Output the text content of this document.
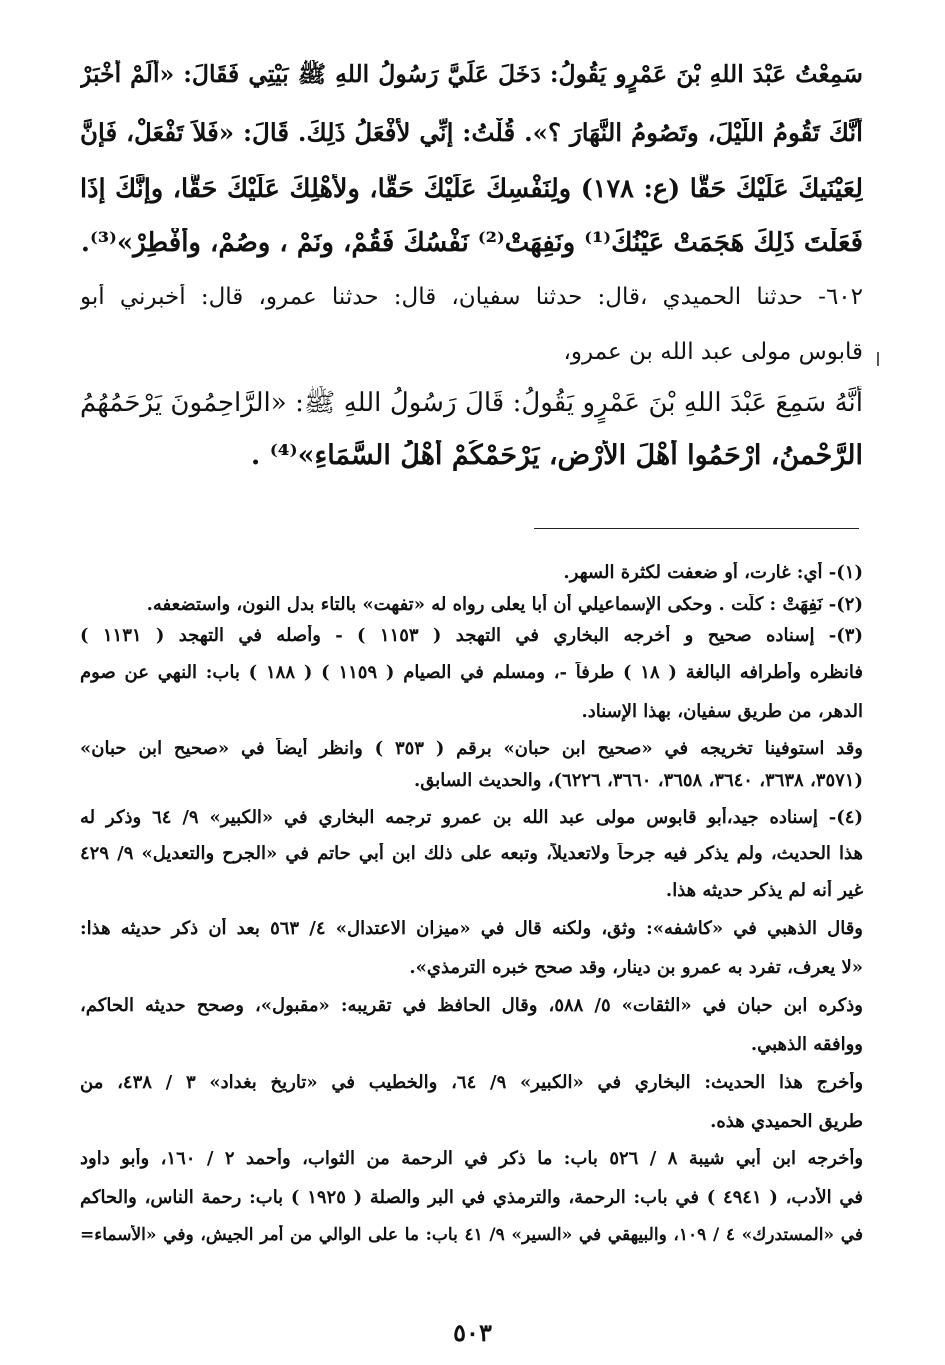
سَمِعْتُ عَبْدَ اللهِ بْنَ عَمْرٍو يَقُولُ: دَخَلَ عَلَيَّ رَسُولُ اللهِ ﷺ بَيْتِي فَقَالَ: «أَلَمْ أُخْبَرْ
أَنَّكَ تَقُومُ اللَّيْلَ، وتَصُومُ النَّهَارَ ؟». قُلْتُ: إِنِّي لأَفْعَلُ ذَلِكَ. قَالَ: «فَلاَ تَفْعَلْ، فَإِنَّ
لِعَيْنَيكَ عَلَيْكَ حَقًّا (ع: ١٧٨) ولِنَفْسِكَ عَلَيْكَ حَقًّا، ولأَهْلِكَ عَلَيْكَ حَقًّا، وإِنَّكَ إِذَا
فَعَلْتَ ذَلِكَ هَجَمَتْ عَيْنُكَ⁽¹⁾ ونَفِهَتْ⁽²⁾ نَفْسُكَ فَقُمْ، ونَمْ ، وصُمْ، وأَفْطِرْ»⁽³⁾.
٦٠٢- حدثنا الحميدي ،قال: حدثنا سفيان، قال: حدثنا عمرو، قال: أخبرني أبو
قابوس مولى عبد الله بن عمرو،
أَنَّهُ سَمِعَ عَبْدَ اللهِ بْنَ عَمْرٍو يَقُولُ: قَالَ رَسُولُ اللهِ ﷺ: «الرَّاحِمُونَ يَرْحَمُهُمُ
الرَّحْمنُ، ارْحَمُوا أَهْلَ الأَرْضِ، يَرْحَمْكُمْ أَهْلُ السَّمَاءِ»⁽⁴⁾ .
(١)- أي: غارت، أو ضعفت لكثرة السهر.
(٢)- نَفِهَتْ : كلَّت . وحكى الإسماعيلي أن أبا يعلى رواه له «تفهت» بالتاء بدل النون، واستضعفه.
(٣)- إسناده صحيح و أخرجه البخاري في التهجد ( ١١٥٣ ) - وأصله في التهجد ( ١١٣١ )
فانظره وأطرافه البالغة ( ١٨ ) طرفاً -، ومسلم في الصيام ( ١١٥٩ ) ( ١٨٨ ) باب: النهي عن صوم
الدهر، من طريق سفيان، بهذا الإسناد.
وقد استوفينا تخريجه في «صحيح ابن حبان» برقم ( ٣٥٣ ) وانظر أيضاً في «صحيح ابن حبان»
(٣٥٧١، ٣٦٣٨، ٣٦٤٠، ٣٦٥٨، ٣٦٦٠، ٦٢٢٦)، والحديث السابق.
(٤)- إسناده جيد،أبو قابوس مولى عبد الله بن عمرو ترجمه البخاري في «الكبير» ٩/ ٦٤ وذكر له
هذا الحديث، ولم يذكر فيه جرحاً ولاتعديلاً، وتبعه على ذلك ابن أبي حاتم في «الجرح والتعديل» ٩/ ٤٢٩
غير أنه لم يذكر حديثه هذا.
وقال الذهبي في «كاشفه»: وثق، ولكنه قال في «ميزان الاعتدال» ٤/ ٥٦٣ بعد أن ذكر حديثه هذا:
«لا يعرف، تفرد به عمرو بن دينار، وقد صحح خبره الترمذي».
وذكره ابن حبان في «الثقات» ٥/ ٥٨٨، وقال الحافظ في تقريبه: «مقبول»، وصحح حديثه الحاكم،
ووافقه الذهبي.
وأخرج هذا الحديث: البخاري في «الكبير» ٩/ ٦٤، والخطيب في «تاريخ بغداد» ٣ / ٤٣٨، من
طريق الحميدي هذه.
وأخرجه ابن أبي شيبة ٨ / ٥٢٦ باب: ما ذكر في الرحمة من الثواب، وأحمد ٢ / ١٦٠، وأبو داود
في الأدب، ( ٤٩٤١ ) في باب: الرحمة، والترمذي في البر والصلة ( ١٩٢٥ ) باب: رحمة الناس، والحاكم
في «المستدرك» ٤ / ١٠٩، والبيهقي في «السير» ٩/ ٤١ باب: ما على الوالي من أمر الجيش، وفي «الأسماء=
٥٠٣
